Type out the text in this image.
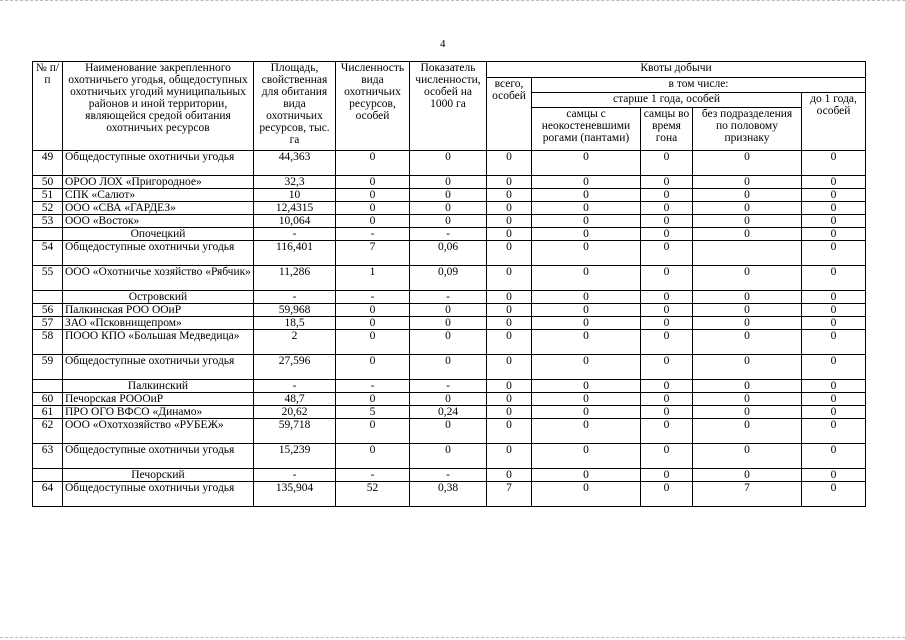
4
№ п/п	Наименование закрепленного охотничьего угодья, общедоступных охотничьих угодий муниципальных районов и иной территории, являющейся средой обитания охотничьих ресурсов	Площадь, свойственная для обитания вида охотничьих ресурсов, тыс. га	Численность вида охотничьих ресурсов, особей	Показатель численности, особей на 1000 га	Квоты добычи				
					всего, особей	в том числе:			
						старше 1 года, особей			до 1 года, особей
						самцы с неокостеневшими рогами (пантами)	самцы во время гона	без подразделения по половому признаку	
49	Общедоступные охотничьи угодья	44,363	0	0	0	0	0	0	0
50	ОРОО ЛОХ «Пригородное»	32,3	0	0	0	0	0	0	0
51	СПК «Салют»	10	0	0	0	0	0	0	0
52	ООО «СВА «ГАРДЕЗ»	12,4315	0	0	0	0	0	0	0
53	ООО «Восток»	10,064	0	0	0	0	0	0	0
	Опочецкий	-	-	-	0	0	0	0	0
54	Общедоступные охотничьи угодья	116,401	7	0,06	0	0	0		0
55	ООО «Охотничье хозяйство «Рябчик»	11,286	1	0,09	0	0	0	0	0
	Островский	-	-	-	0	0	0	0	0
56	Палкинская РОО ООиР	59,968	0	0	0	0	0	0	0
57	ЗАО «Псковнищепром»	18,5	0	0	0	0	0	0	0
58	ПООО КПО «Большая Медведица»	2	0	0	0	0	0	0	0
59	Общедоступные охотничьи угодья	27,596	0	0	0	0	0	0	0
	Палкинский	-	-	-	0	0	0	0	0
60	Печорская РОООиР	48,7	0	0	0	0	0	0	0
61	ПРО ОГО ВФСО «Динамо»	20,62	5	0,24	0	0	0	0	0
62	ООО «Охотхозяйство «РУБЕЖ»	59,718	0	0	0	0	0	0	0
63	Общедоступные охотничьи угодья	15,239	0	0	0	0	0	0	0
	Печорский	-	-	-	0	0	0	0	0
64	Общедоступные охотничьи угодья	135,904	52	0,38	7	0	0	7	0
